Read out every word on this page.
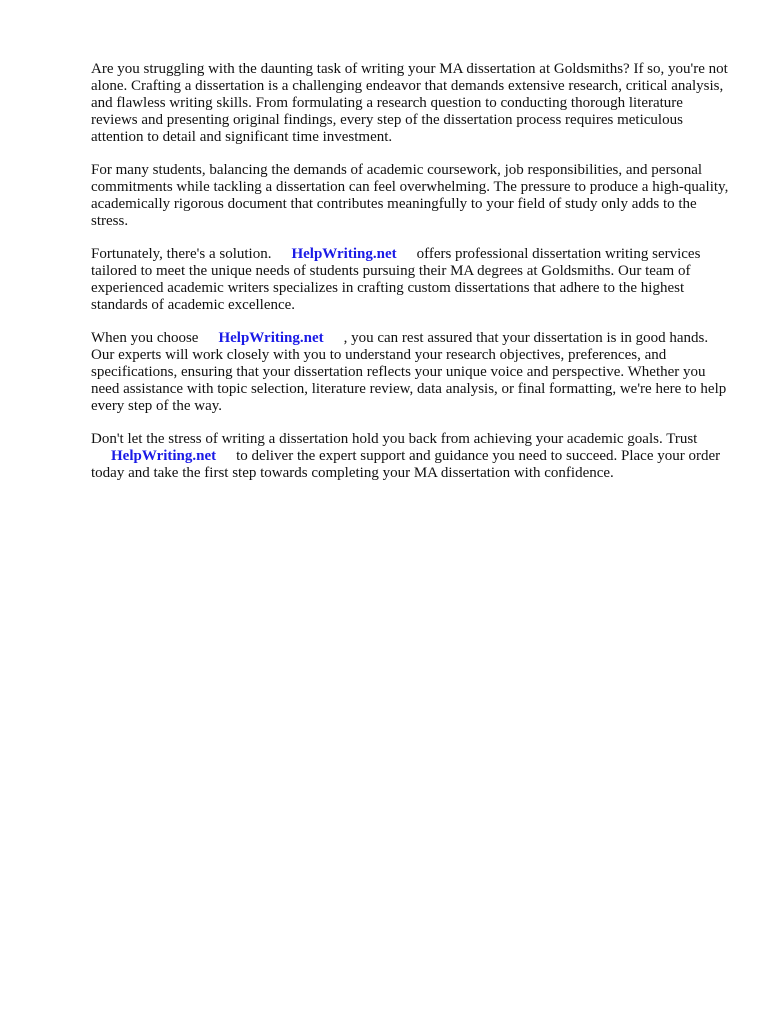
Are you struggling with the daunting task of writing your MA dissertation at Goldsmiths? If so, you're not alone. Crafting a dissertation is a challenging endeavor that demands extensive research, critical analysis, and flawless writing skills. From formulating a research question to conducting thorough literature reviews and presenting original findings, every step of the dissertation process requires meticulous attention to detail and significant time investment.

For many students, balancing the demands of academic coursework, job responsibilities, and personal commitments while tackling a dissertation can feel overwhelming. The pressure to produce a high-quality, academically rigorous document that contributes meaningfully to your field of study only adds to the stress.

Fortunately, there's a solution. HelpWriting.net offers professional dissertation writing services tailored to meet the unique needs of students pursuing their MA degrees at Goldsmiths. Our team of experienced academic writers specializes in crafting custom dissertations that adhere to the highest standards of academic excellence.

When you choose HelpWriting.net , you can rest assured that your dissertation is in good hands. Our experts will work closely with you to understand your research objectives, preferences, and specifications, ensuring that your dissertation reflects your unique voice and perspective. Whether you need assistance with topic selection, literature review, data analysis, or final formatting, we're here to help every step of the way.

Don't let the stress of writing a dissertation hold you back from achieving your academic goals. Trust
HelpWriting.net to deliver the expert support and guidance you need to succeed. Place your order today and take the first step towards completing your MA dissertation with confidence.
